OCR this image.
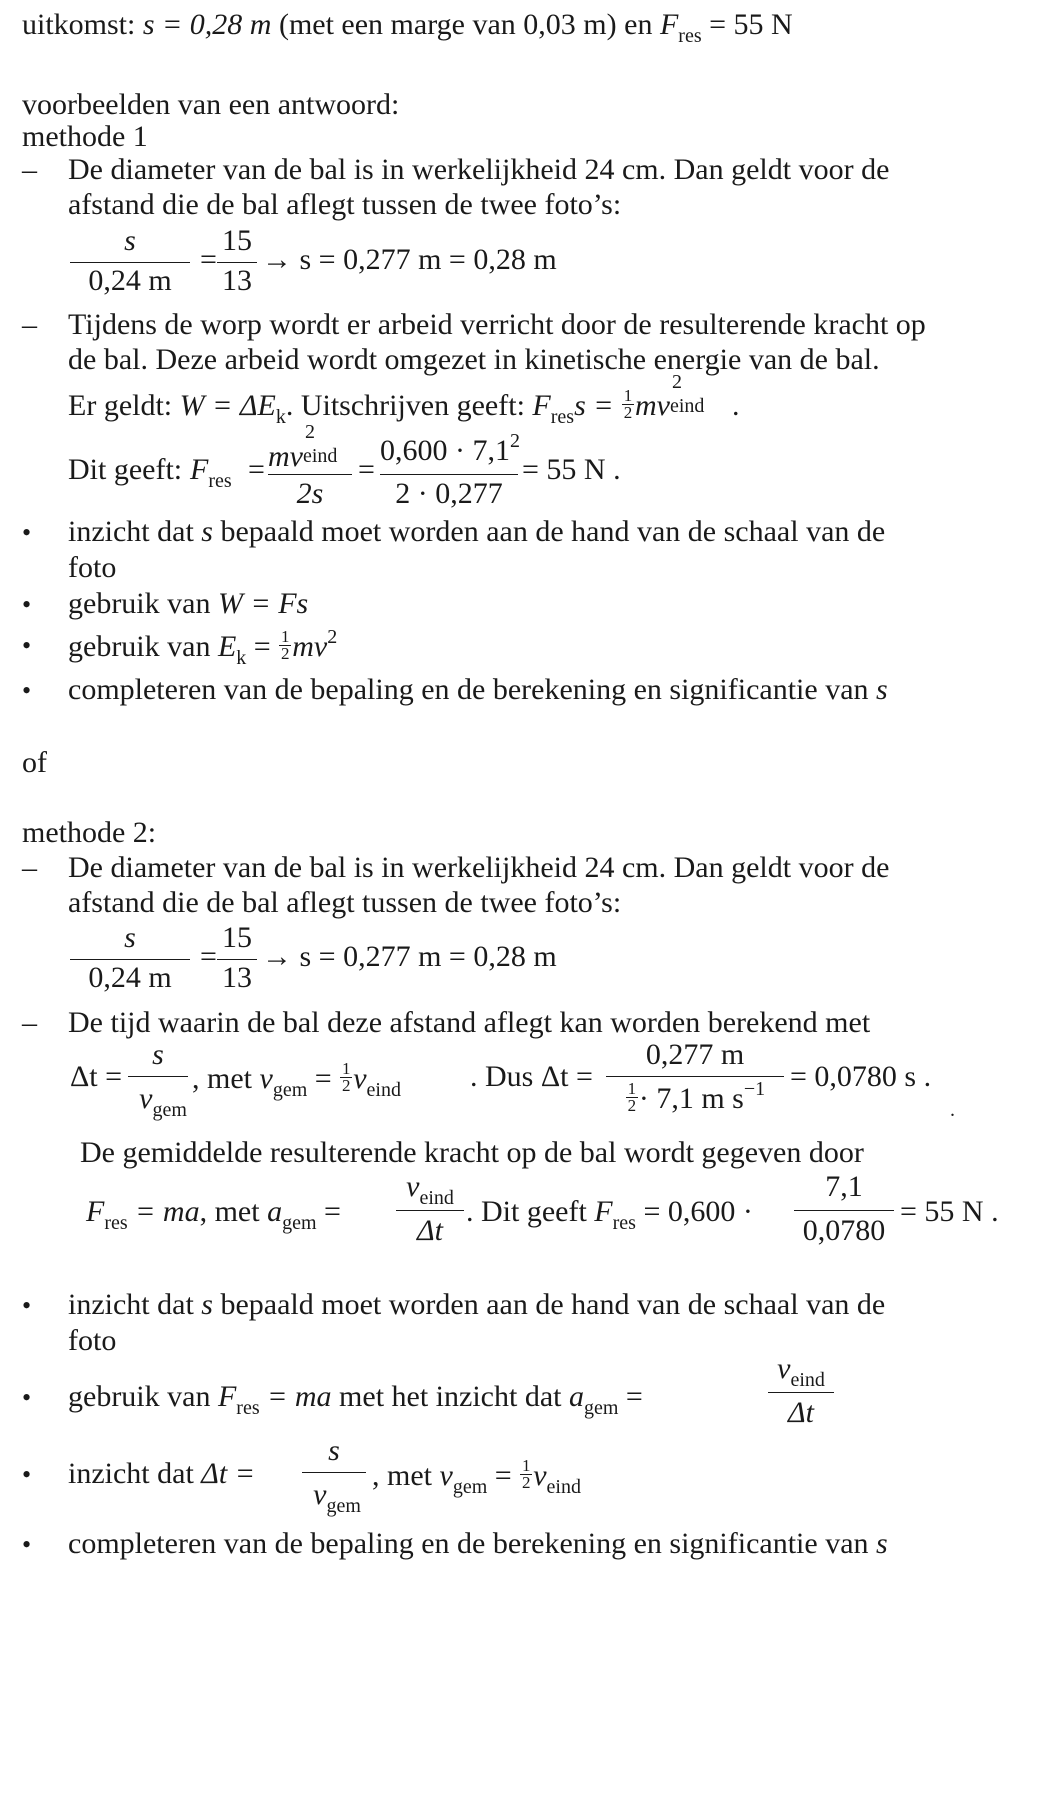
uitkomst: s = 0,28 m (met een marge van 0,03 m) en $F_{res} = 55$ N
voorbeelden van een antwoord:
methode 1
– De diameter van de bal is in werkelijkheid 24 cm. Dan geldt voor de
afstand die de bal aflegt tussen de twee foto’s:
s
0,24 m
=
15
13
→ s = 0,277 m = 0,28 m
– Tijdens de worp wordt er arbeid verricht door de resulterende kracht op
de bal. Deze arbeid wordt omgezet in kinetische energie van de bal.
Er geldt: $W = \Delta E_k$. Uitschrijven geeft: $F_{res}s = \frac{1}{2}$ mv
2
eind .
Dit geeft: $F_{res}$ = mv
2
eind
2s
=
$0,600 \cdot 7,1^2$
2 · 0,277
= 55 N .
• inzicht dat s bepaald moet worden aan de hand van de schaal van de
foto
• gebruik van W = Fs
• gebruik van $E_k = \frac{1}{2} mv^2$
• completeren van de bepaling en de berekening en significantie van s
of
methode 2:
– De diameter van de bal is in werkelijkheid 24 cm. Dan geldt voor de
afstand die de bal aflegt tussen de twee foto’s:
s
0,24 m
=
15
13
→ s = 0,277 m = 0,28 m
– De tijd waarin de bal deze afstand aflegt kan worden berekend met
Δt =
s
$v_{gem}$
, met $v_{gem} = \frac{1}{2} v_{eind}$ . Dus Δt =
0,277 m
$\frac{1}{2} \cdot 7,1$ m $s^{-1} = 0,0780$ s .
.
De gemiddelde resulterende kracht op de bal wordt gegeven door
$F_{res}$ = ma, met $a_{gem}$ =
$v_{eind}$
Δt
. Dit geeft $F_{res} = 0,600$ ·
7,1
0,0780
= 55 N .
• inzicht dat s bepaald moet worden aan de hand van de schaal van de
foto
• gebruik van $F_{res}$ = ma met het inzicht dat $a_{gem}$ =
$v_{eind}$
Δt
• inzicht dat Δt =
s
$v_{gem}$
, met $v_{gem} = \frac{1}{2} v_{eind}$
• completeren van de bepaling en de berekening en significantie van s
